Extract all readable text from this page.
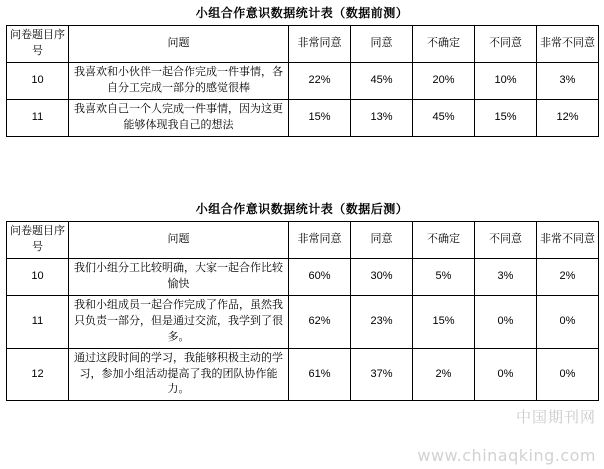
小组合作意识数据统计表（数据前测）
问卷题目序号	问题	非常同意	同意	不确定	不同意	非常不同意
10	我喜欢和小伙伴一起合作完成一件事情，各自分工完成一部分的感觉很棒	22%	45%	20%	10%	3%
11	我喜欢自己一个人完成一件事情，因为这更能够体现我自己的想法	15%	13%	45%	15%	12%
小组合作意识数据统计表（数据后测）
问卷题目序号	问题	非常同意	同意	不确定	不同意	非常不同意
10	我们小组分工比较明确，大家一起合作比较愉快	60%	30%	5%	3%	2%
11	我和小组成员一起合作完成了作品，虽然我只负责一部分，但是通过交流，我学到了很多。	62%	23%	15%	0%	0%
12	通过这段时间的学习，我能够积极主动的学习，参加小组活动提高了我的团队协作能力。	61%	37%	2%	0%	0%
中国期刊网
www.chinaqking.com
